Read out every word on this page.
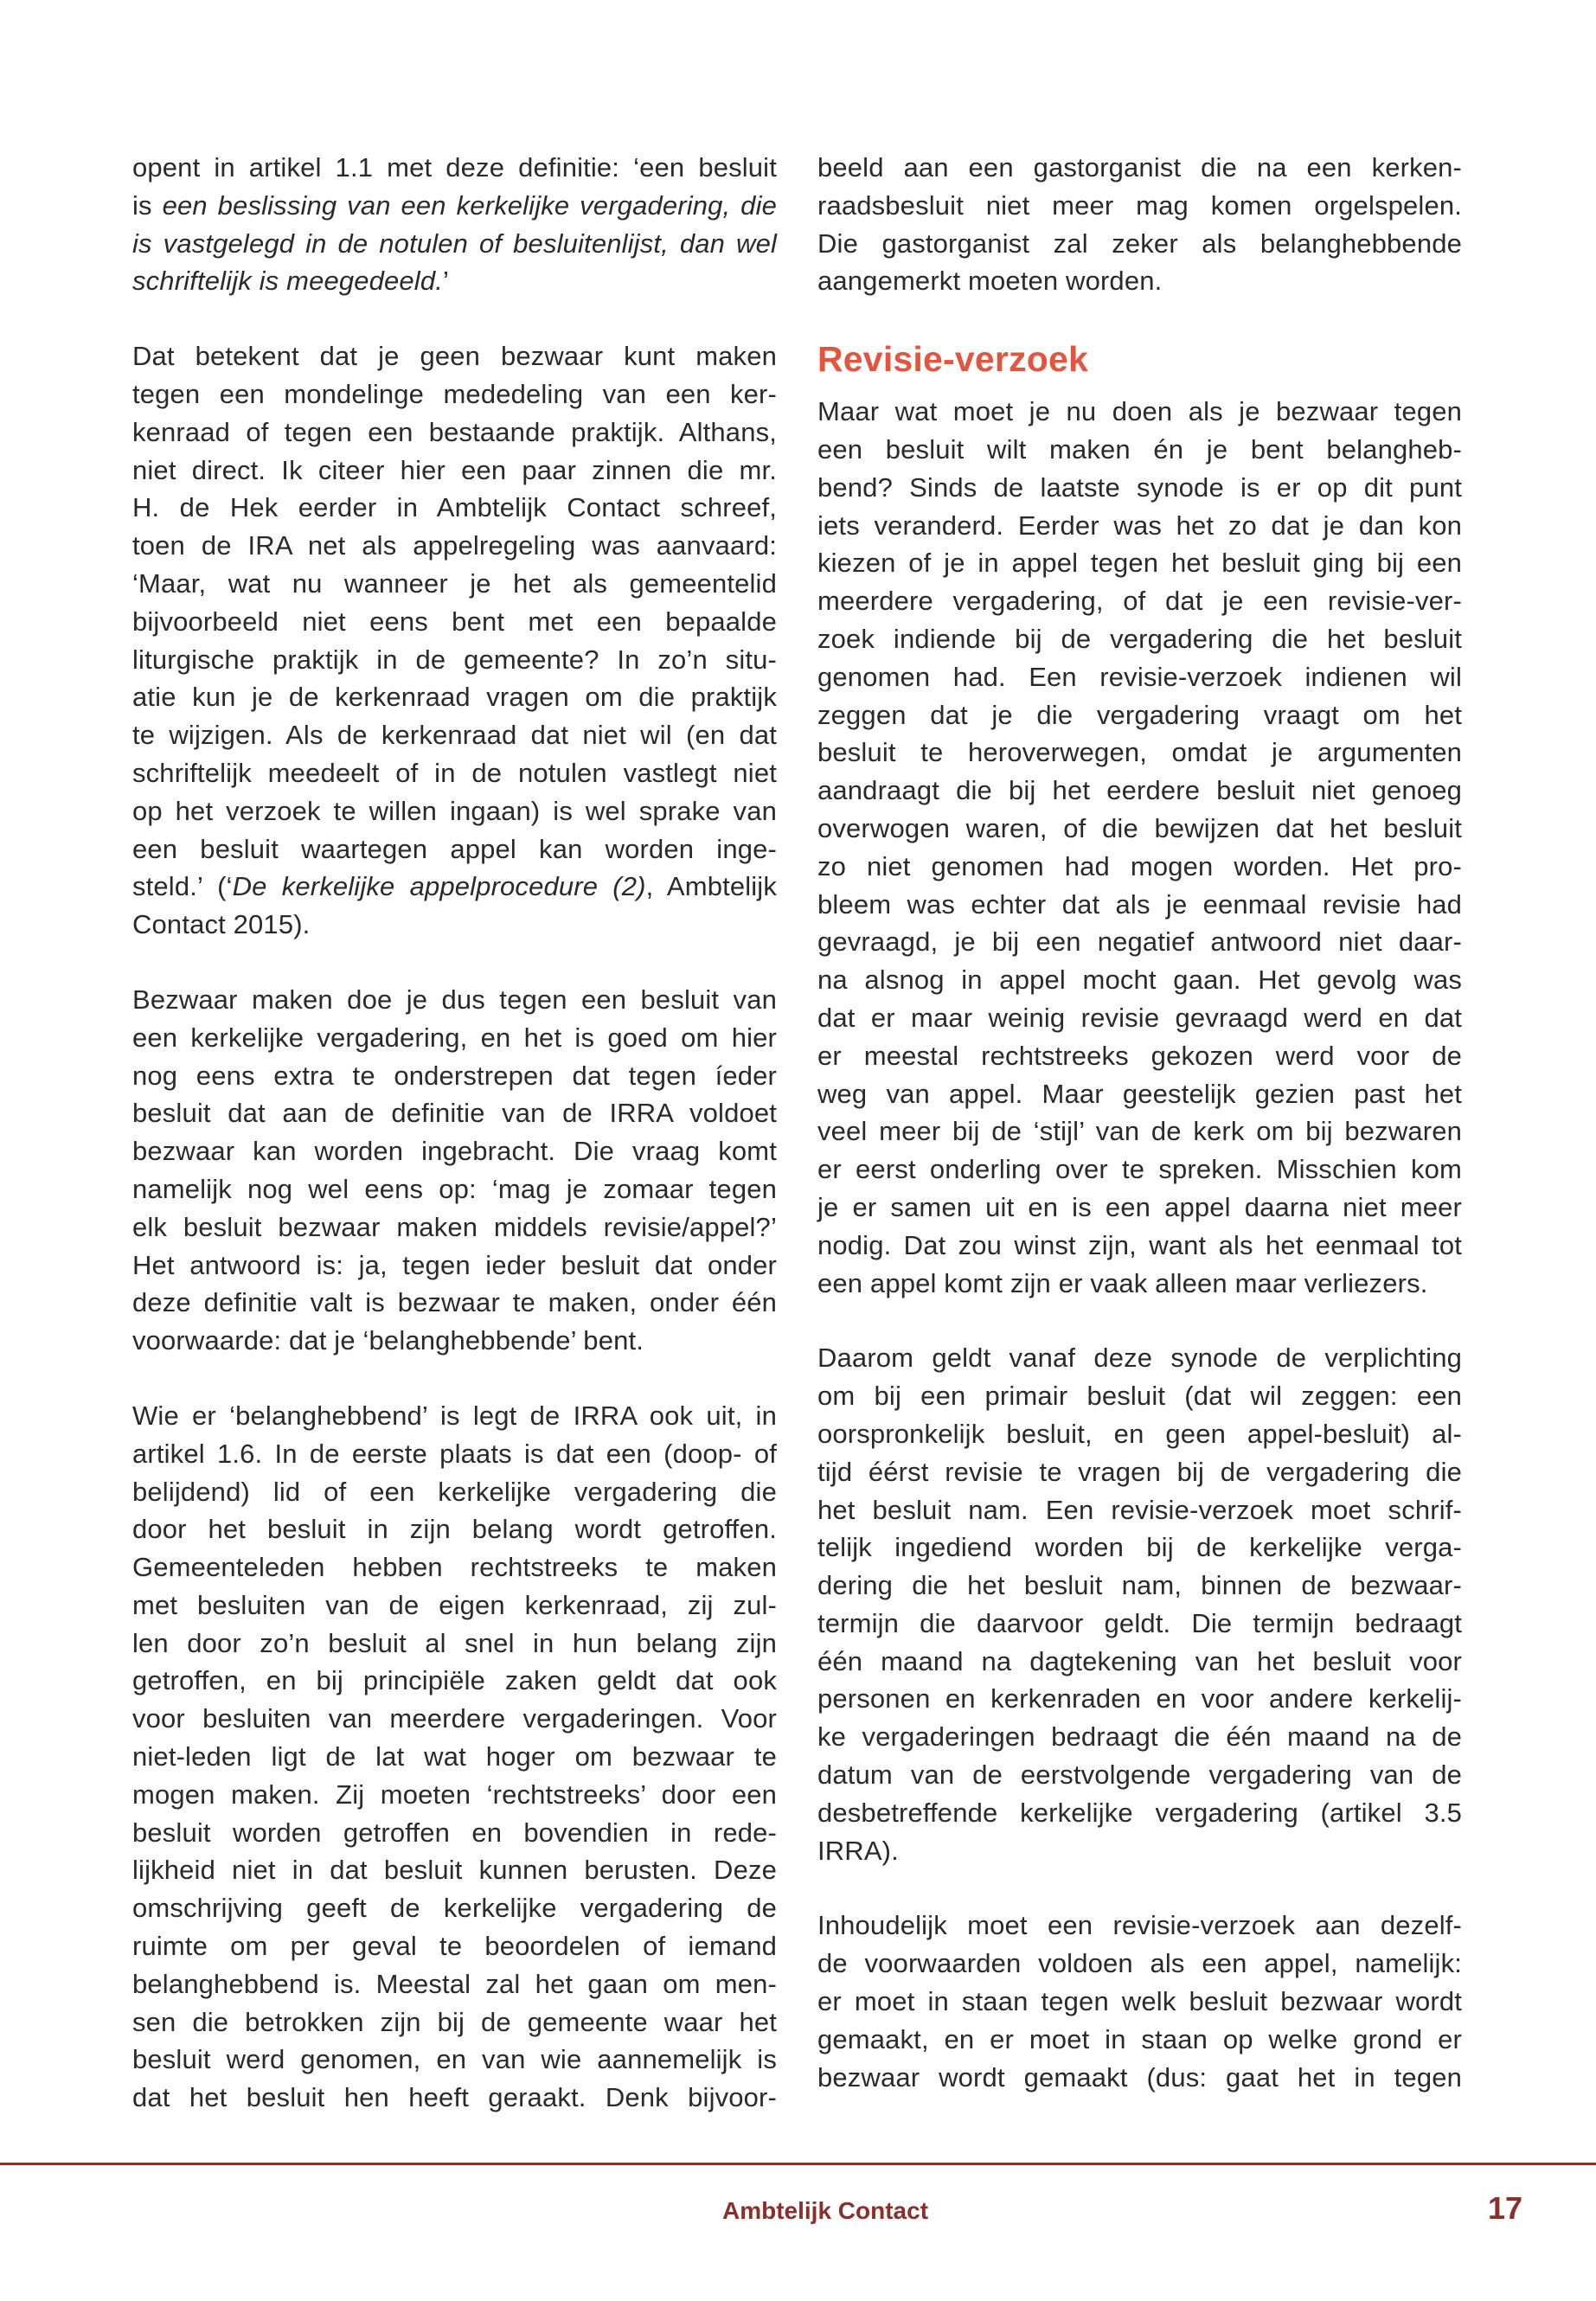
opent in artikel 1.1 met deze definitie: ‘een besluit
is een beslissing van een kerkelijke vergadering, die
is vastgelegd in de notulen of besluitenlijst, dan wel
schriftelijk is meegedeeld.’

Dat betekent dat je geen bezwaar kunt maken
tegen een mondelinge mededeling van een ker-
kenraad of tegen een bestaande praktijk. Althans,
niet direct. Ik citeer hier een paar zinnen die mr.
H. de Hek eerder in Ambtelijk Contact schreef,
toen de IRA net als appelregeling was aanvaard:
‘Maar, wat nu wanneer je het als gemeentelid
bijvoorbeeld niet eens bent met een bepaalde
liturgische praktijk in de gemeente? In zo’n situ-
atie kun je de kerkenraad vragen om die praktijk
te wijzigen. Als de kerkenraad dat niet wil (en dat
schriftelijk meedeelt of in de notulen vastlegt niet
op het verzoek te willen ingaan) is wel sprake van
een besluit waartegen appel kan worden inge-
steld.’ (‘De kerkelijke appelprocedure (2), Ambtelijk
Contact 2015).

Bezwaar maken doe je dus tegen een besluit van
een kerkelijke vergadering, en het is goed om hier
nog eens extra te onderstrepen dat tegen íeder
besluit dat aan de definitie van de IRRA voldoet
bezwaar kan worden ingebracht. Die vraag komt
namelijk nog wel eens op: ‘mag je zomaar tegen
elk besluit bezwaar maken middels revisie/appel?’
Het antwoord is: ja, tegen ieder besluit dat onder
deze definitie valt is bezwaar te maken, onder één
voorwaarde: dat je ‘belanghebbende’ bent.

Wie er ‘belanghebbend’ is legt de IRRA ook uit, in
artikel 1.6. In de eerste plaats is dat een (doop- of
belijdend) lid of een kerkelijke vergadering die
door het besluit in zijn belang wordt getroffen.
Gemeenteleden hebben rechtstreeks te maken
met besluiten van de eigen kerkenraad, zij zul-
len door zo’n besluit al snel in hun belang zijn
getroffen, en bij principiële zaken geldt dat ook
voor besluiten van meerdere vergaderingen. Voor
niet-leden ligt de lat wat hoger om bezwaar te
mogen maken. Zij moeten ‘rechtstreeks’ door een
besluit worden getroffen en bovendien in rede-
lijkheid niet in dat besluit kunnen berusten. Deze
omschrijving geeft de kerkelijke vergadering de
ruimte om per geval te beoordelen of iemand
belanghebbend is. Meestal zal het gaan om men-
sen die betrokken zijn bij de gemeente waar het
besluit werd genomen, en van wie aannemelijk is
dat het besluit hen heeft geraakt. Denk bijvoor-

beeld aan een gastorganist die na een kerken-
raadsbesluit niet meer mag komen orgelspelen.
Die gastorganist zal zeker als belanghebbende
aangemerkt moeten worden.

Revisie-verzoek

Maar wat moet je nu doen als je bezwaar tegen
een besluit wilt maken én je bent belangheb-
bend? Sinds de laatste synode is er op dit punt
iets veranderd. Eerder was het zo dat je dan kon
kiezen of je in appel tegen het besluit ging bij een
meerdere vergadering, of dat je een revisie-ver-
zoek indiende bij de vergadering die het besluit
genomen had. Een revisie-verzoek indienen wil
zeggen dat je die vergadering vraagt om het
besluit te heroverwegen, omdat je argumenten
aandraagt die bij het eerdere besluit niet genoeg
overwogen waren, of die bewijzen dat het besluit
zo niet genomen had mogen worden. Het pro-
bleem was echter dat als je eenmaal revisie had
gevraagd, je bij een negatief antwoord niet daar-
na alsnog in appel mocht gaan. Het gevolg was
dat er maar weinig revisie gevraagd werd en dat
er meestal rechtstreeks gekozen werd voor de
weg van appel. Maar geestelijk gezien past het
veel meer bij de ‘stijl’ van de kerk om bij bezwaren
er eerst onderling over te spreken. Misschien kom
je er samen uit en is een appel daarna niet meer
nodig. Dat zou winst zijn, want als het eenmaal tot
een appel komt zijn er vaak alleen maar verliezers.

Daarom geldt vanaf deze synode de verplichting
om bij een primair besluit (dat wil zeggen: een
oorspronkelijk besluit, en geen appel-besluit) al-
tijd éérst revisie te vragen bij de vergadering die
het besluit nam. Een revisie-verzoek moet schrif-
telijk ingediend worden bij de kerkelijke verga-
dering die het besluit nam, binnen de bezwaar-
termijn die daarvoor geldt. Die termijn bedraagt
één maand na dagtekening van het besluit voor
personen en kerkenraden en voor andere kerkelij-
ke vergaderingen bedraagt die één maand na de
datum van de eerstvolgende vergadering van de
desbetreffende kerkelijke vergadering (artikel 3.5
IRRA).

Inhoudelijk moet een revisie-verzoek aan dezelf-
de voorwaarden voldoen als een appel, namelijk:
er moet in staan tegen welk besluit bezwaar wordt
gemaakt, en er moet in staan op welke grond er
bezwaar wordt gemaakt (dus: gaat het in tegen

Ambtelijk Contact	17
